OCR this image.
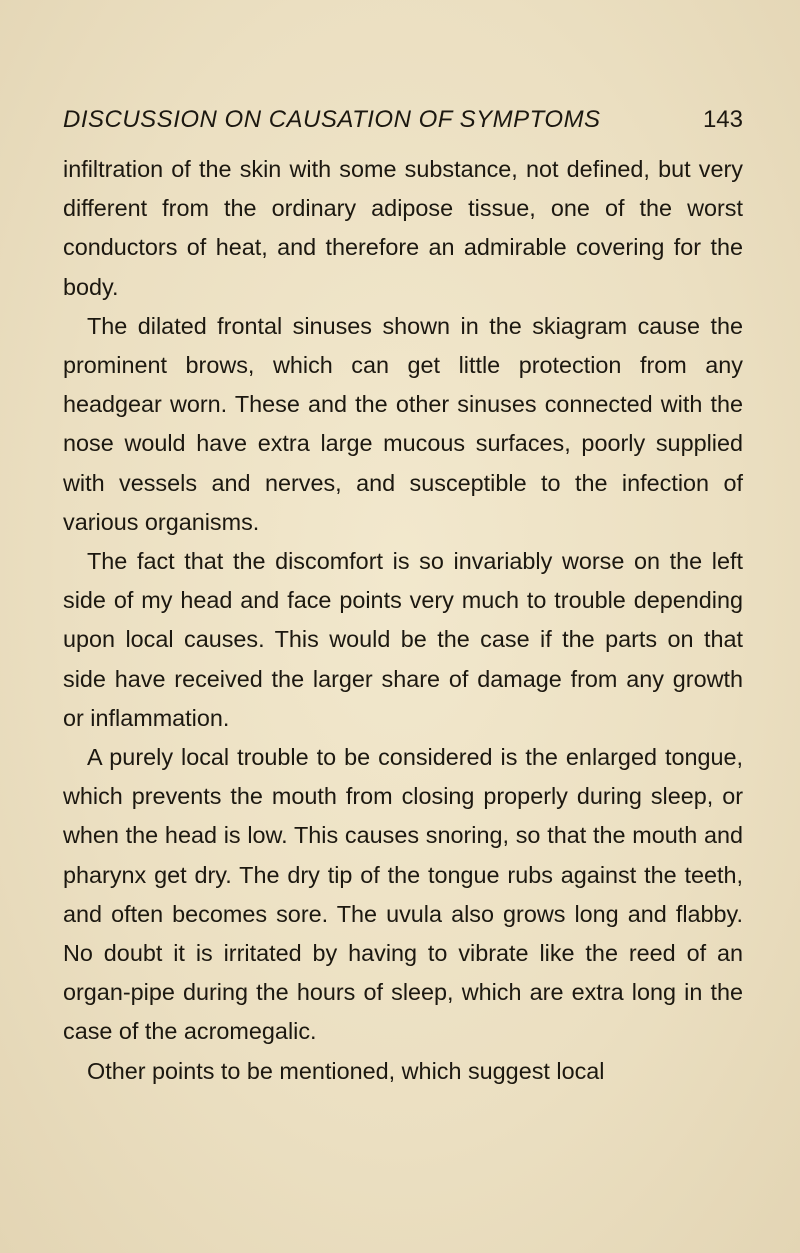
DISCUSSION ON CAUSATION OF SYMPTOMS	143

infiltration of the skin with some substance, not defined, but very different from the ordinary adipose tissue, one of the worst conductors of heat, and therefore an admirable covering for the body.

The dilated frontal sinuses shown in the skiagram cause the prominent brows, which can get little protection from any headgear worn. These and the other sinuses connected with the nose would have extra large mucous surfaces, poorly supplied with vessels and nerves, and susceptible to the infection of various organisms.

The fact that the discomfort is so invariably worse on the left side of my head and face points very much to trouble depending upon local causes. This would be the case if the parts on that side have received the larger share of damage from any growth or inflammation.

A purely local trouble to be considered is the enlarged tongue, which prevents the mouth from closing properly during sleep, or when the head is low. This causes snoring, so that the mouth and pharynx get dry. The dry tip of the tongue rubs against the teeth, and often becomes sore. The uvula also grows long and flabby. No doubt it is irritated by having to vibrate like the reed of an organ-pipe during the hours of sleep, which are extra long in the case of the acromegalic.

Other points to be mentioned, which suggest local
